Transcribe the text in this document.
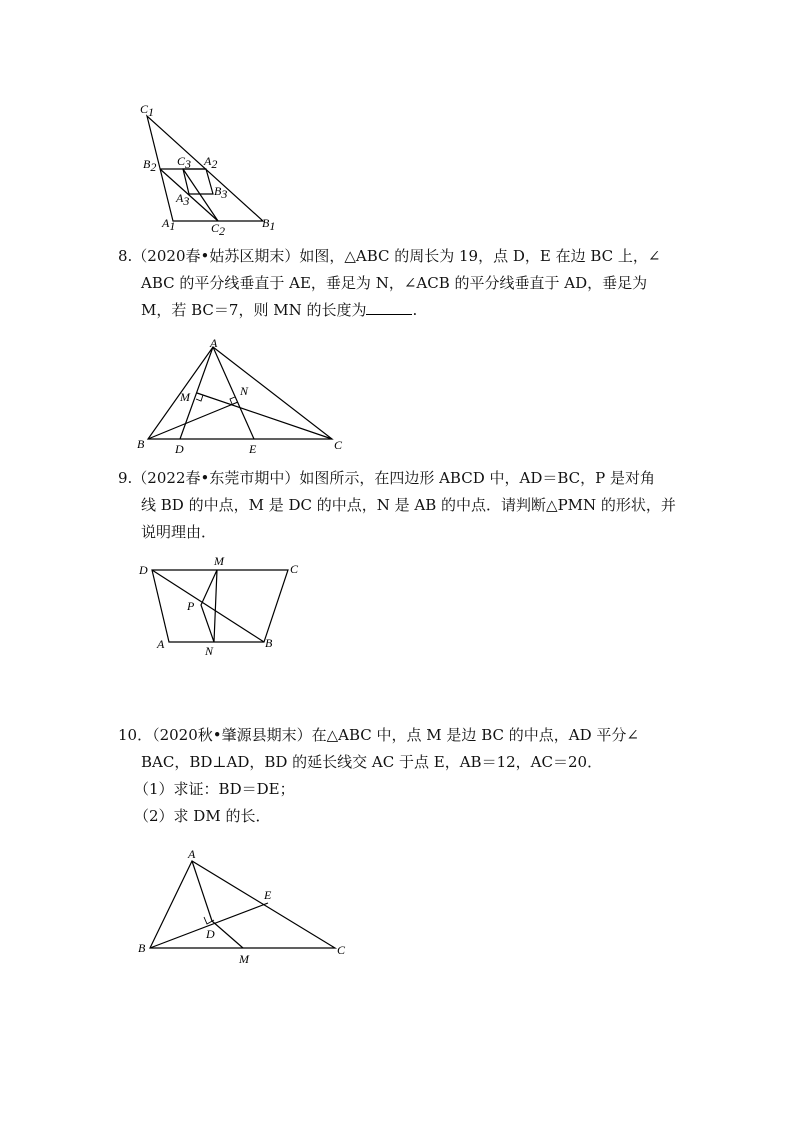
C1
B2 C3 A2
B3
A3
A1	C2
B1
8.（2020春•姑苏区期末）如图，△ABC 的周长为 19，点 D，E 在边 BC 上，∠
ABC 的平分线垂直于 AE，垂足为 N，∠ACB 的平分线垂直于 AD，垂足为
M，若 BC＝7，则 MN 的长度为	.
A
M	N
B	D	E	C
9.（2022春•东莞市期中）如图所示，在四边形 ABCD 中，AD＝BC，P 是对角
线 BD 的中点，M 是 DC 的中点，N 是 AB 的中点．请判断△PMN 的形状，并
说明理由．
D
M
C
P
A	N
B
10．（2020秋•肇源县期末）在△ABC 中，点 M 是边 BC 的中点，AD 平分∠
BAC，BD⊥AD，BD 的延长线交 AC 于点 E，AB＝12，AC＝20．
（1）求证：BD＝DE；
（2）求 DM 的长．
A
E
D
B
M
C
